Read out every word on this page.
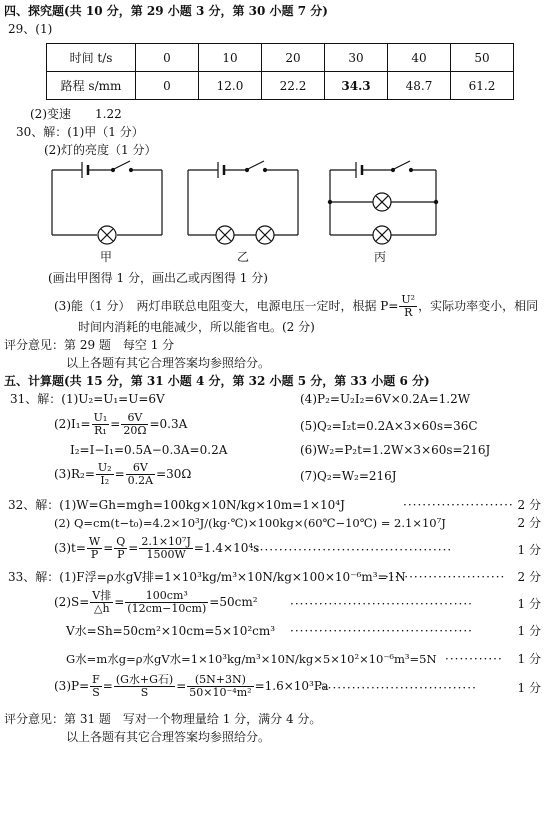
四、探究题(共 10 分，第 29 小题 3 分，第 30 小题 7 分)
29、(1)
时间 t/s	0	10	20	30	40	50
路程 s/mm	0	12.0	22.2	34.3	48.7	61.2
(2)变速　　1.22
30、解：(1)甲（1 分）
(2)灯的亮度（1 分）
甲	乙	丙
(画出甲图得 1 分，画出乙或丙图得 1 分)
(3)能（1 分）　两灯串联总电阻变大，电源电压一定时，根据 $P= \frac{\text{U²}}{R}$ ，实际功率变小，相同
时间内消耗的电能减少，所以能省电。(2 分)
评分意见：第 29 题　每空 1 分
以上各题有其它合理答案均参照给分。
五、计算题(共 15 分，第 31 小题 4 分，第 32 小题 5 分，第 33 小题 6 分)
31、解：(1)U₂=U₁=U=6V	(4)P₂=U₂I₂=6V×0.2A=1.2W
$(2)I_1= \frac{\text{U₁}}{\text{R₁}} = \frac{6V}{20\Omega} =0.3A$	(5)Q₂=I₂t=0.2A×3×60s=36C
I₂=I−I₁=0.5A−0.3A=0.2A	(6)W₂=P₂t=1.2W×3×60s=216J
$(3)R_2= \frac{\text{U₂}}{\text{I₂}} = \frac{6V}{0.2A} =30\Omega$	(7)Q₂=W₂=216J
32、解：(1)W=Gh=mgh=100kg×10N/kg×10m=1×10⁴J	······················· 2 分
(2) Q=cm(t−t₀)=4.2×10³J/(kg·℃)×100kg×(60℃−10℃) = 2.1×10⁷J	2 分
$(3)t= \frac{W}{P} = \frac{Q}{P} = \frac{\text{2.1×10⁷J}}{1500W} =1.4\times 10^4s$
··········································	1 分
33、解：(1)F浮=ρ水gV排=1×10³kg/m³×10N/kg×100×10⁻⁶m³=1N
························· 2 分
(2)S= V排
△h = $\frac{\text{100cm³}}{(12cm-10cm)} =50cm^2$	······································	1 分
V水=Sh=50cm²×10cm=5×10²cm³ ······································	1 分
G水=m水g=ρ水gV水=1×10³kg/m³×10N/kg×5×10²×10⁻⁶m³=5N ············ 1 分
$(3)P= \frac{F}{S} = (G$水+G石)
S	= $\frac{(5N+3N)}{\text{50×10⁻⁴m²}} =1.6\times 10^3Pa$
·································	1 分
评分意见：第 31 题　写对一个物理量给 1 分，满分 4 分。
以上各题有其它合理答案均参照给分。
